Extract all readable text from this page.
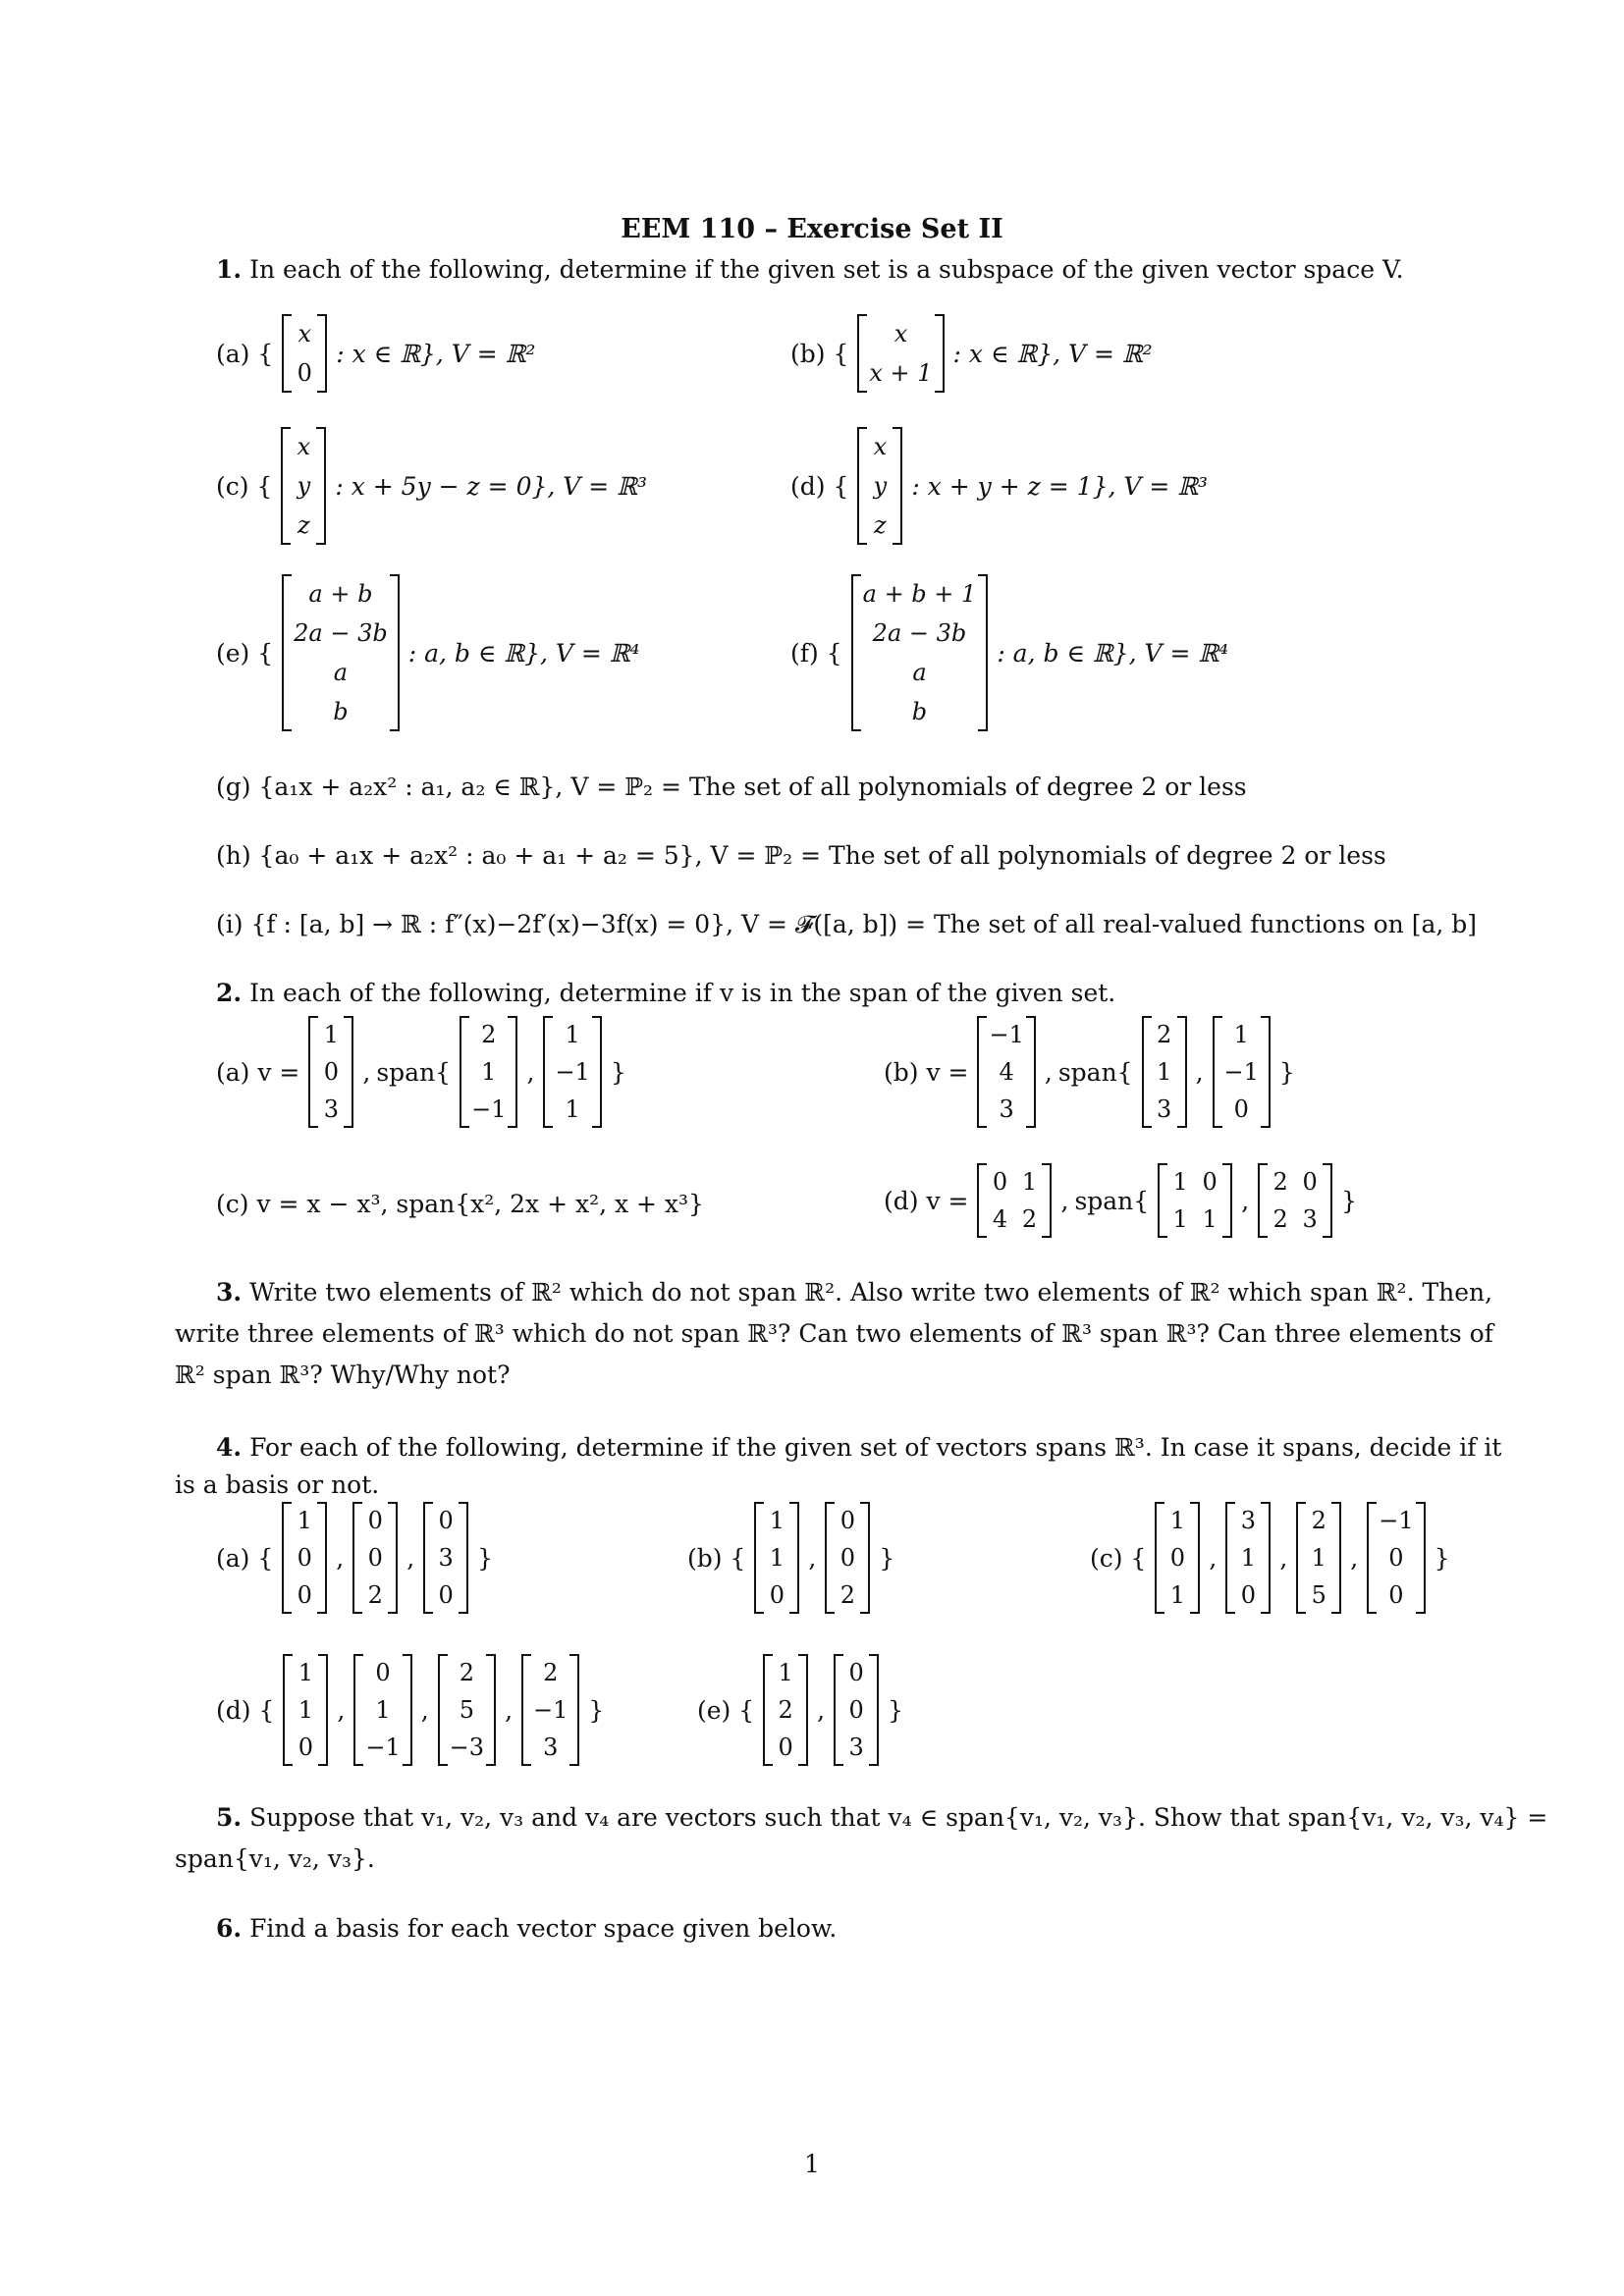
EEM 110 – Exercise Set II
1. In each of the following, determine if the given set is a subspace of the given vector space V.
(a) {
x
0
: x ∈ ℝ}, V = ℝ²	(b) {
x
x + 1
: x ∈ ℝ}, V = ℝ²
(c) {
x
y
z
: x + 5y − z = 0}, V = ℝ³	(d) {
x
y
z
: x + y + z = 1}, V = ℝ³
(e) {
a + b
2a − 3b
a
b
: a, b ∈ ℝ}, V = ℝ⁴	(f) {
a + b + 1
2a − 3b
a
b
: a, b ∈ ℝ}, V = ℝ⁴
(g) {a₁x + a₂x² : a₁, a₂ ∈ ℝ}, V = ℙ₂ = The set of all polynomials of degree 2 or less
(h) {a₀ + a₁x + a₂x² : a₀ + a₁ + a₂ = 5}, V = ℙ₂ = The set of all polynomials of degree 2 or less
(i) {f : [a, b] → ℝ : f″(x)−2f′(x)−3f(x) = 0}, V = 𝓕([a, b]) = The set of all real-valued functions on [a, b]
2. In each of the following, determine if v is in the span of the given set.
(a) v =
1
0
3
, span{
2
1
−1
,
1
−1
1
}	(b) v =
−1
4
3
, span{
2
1
3
,
1
−1
0
}
(c) v = x − x³, span{x², 2x + x², x + x³}	(d) v =
0 1
4 2
, span{
1 0
1 1
,
2 0
2 3
}
3. Write two elements of ℝ² which do not span ℝ². Also write two elements of ℝ² which span ℝ². Then,
write three elements of ℝ³ which do not span ℝ³? Can two elements of ℝ³ span ℝ³? Can three elements of
ℝ² span ℝ³? Why/Why not?
4. For each of the following, determine if the given set of vectors spans ℝ³. In case it spans, decide if it
is a basis or not.
(a) {
1
0
0
,
0
0
2
,
0
3
0
}	(b) {
1
1
0
,
0
0
2
}	(c) {
1
0
1
,
3
1
0
,
2
1
5
,
−1
0
0
}
(d) {
1
1
0
,
0
1
−1
,
2
5
−3
,
2
−1
3
}	(e) {
1
2
0
,
0
0
3
}
5. Suppose that v₁, v₂, v₃ and v₄ are vectors such that v₄ ∈ span{v₁, v₂, v₃}. Show that span{v₁, v₂, v₃, v₄} =
span{v₁, v₂, v₃}.
6. Find a basis for each vector space given below.
1
